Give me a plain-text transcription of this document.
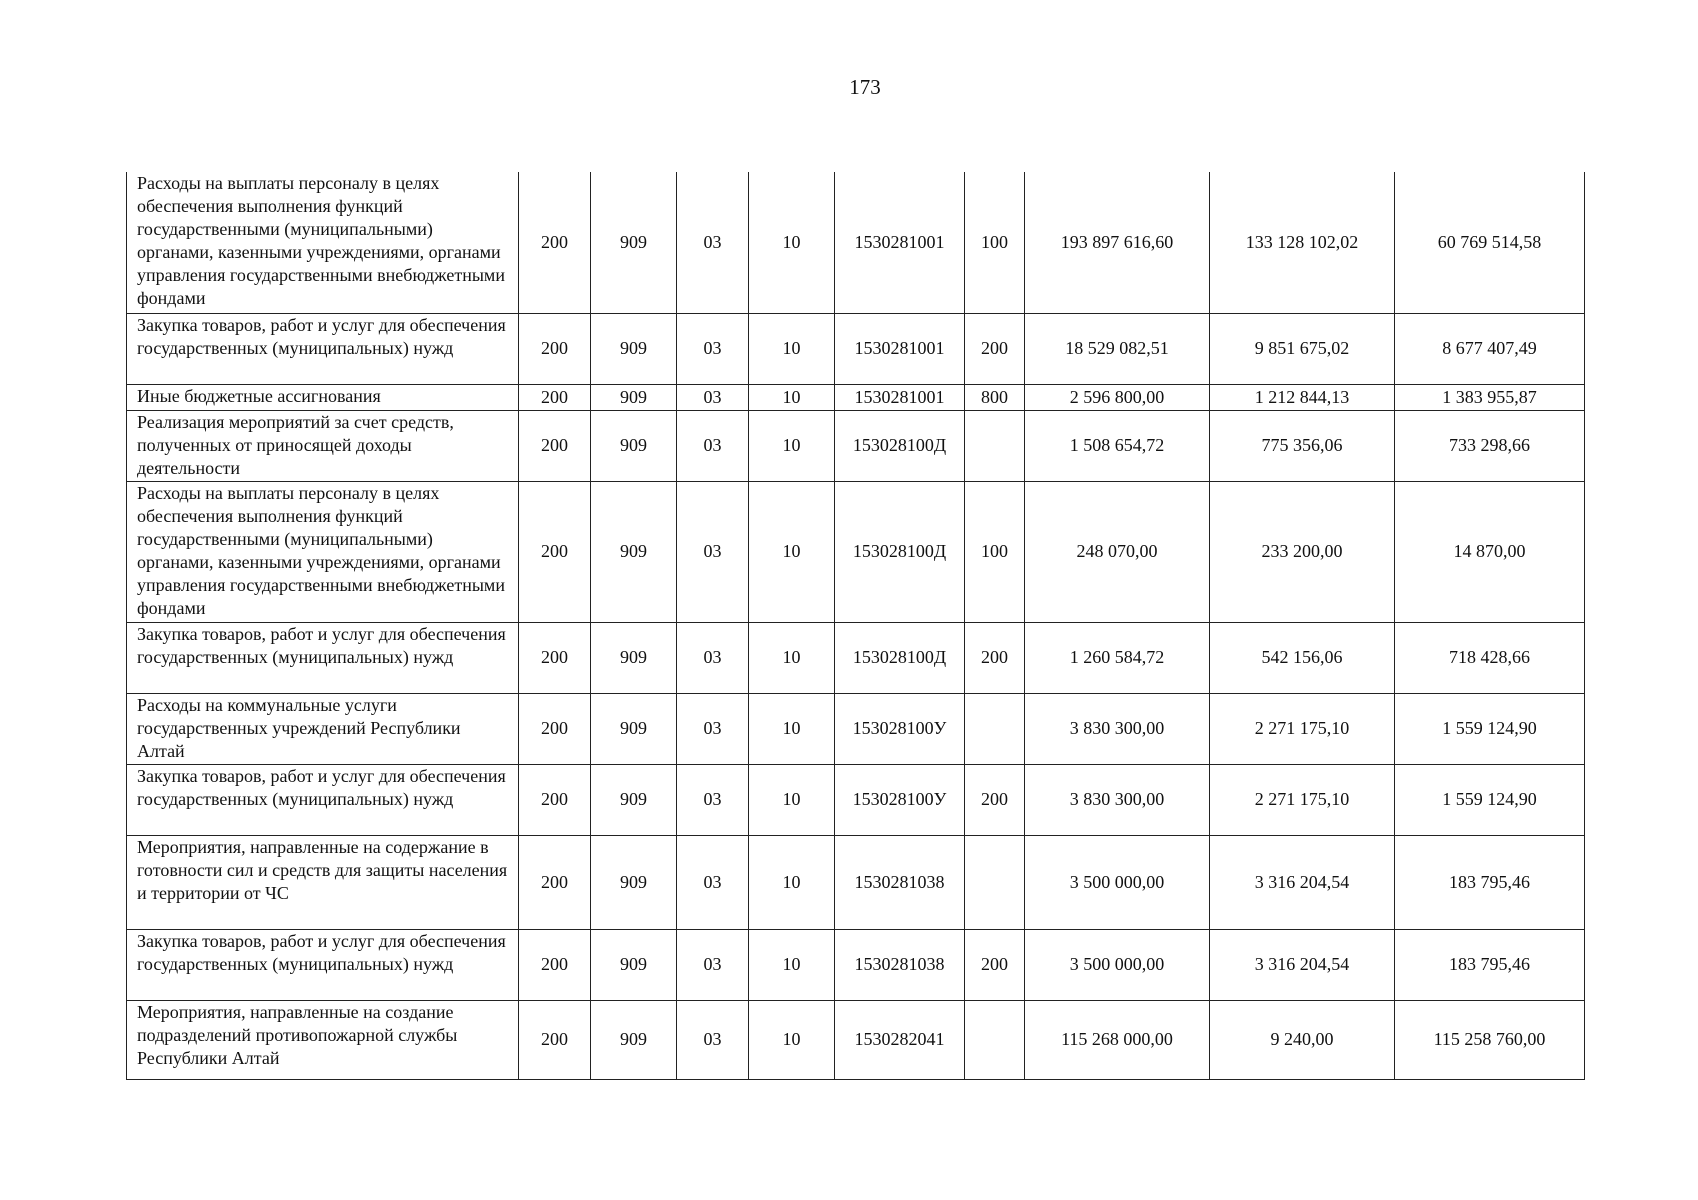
173
Расходы на выплаты персоналу в целях обеспечения выполнения функций государственными (муниципальными) органами, казенными учреждениями, органами управления государственными внебюджетными фондами	200	909	03	10	1530281001	100	193 897 616,60	133 128 102,02	60 769 514,58
Закупка товаров, работ и услуг для обеспечения государственных (муниципальных) нужд	200	909	03	10	1530281001	200	18 529 082,51	9 851 675,02	8 677 407,49
Иные бюджетные ассигнования	200	909	03	10	1530281001	800	2 596 800,00	1 212 844,13	1 383 955,87
Реализация мероприятий за счет средств, полученных от приносящей доходы деятельности	200	909	03	10	153028100Д		1 508 654,72	775 356,06	733 298,66
Расходы на выплаты персоналу в целях обеспечения выполнения функций государственными (муниципальными) органами, казенными учреждениями, органами управления государственными внебюджетными фондами	200	909	03	10	153028100Д	100	248 070,00	233 200,00	14 870,00
Закупка товаров, работ и услуг для обеспечения государственных (муниципальных) нужд	200	909	03	10	153028100Д	200	1 260 584,72	542 156,06	718 428,66
Расходы на коммунальные услуги государственных учреждений Республики Алтай	200	909	03	10	153028100У		3 830 300,00	2 271 175,10	1 559 124,90
Закупка товаров, работ и услуг для обеспечения государственных (муниципальных) нужд	200	909	03	10	153028100У	200	3 830 300,00	2 271 175,10	1 559 124,90
Мероприятия, направленные на содержание в готовности сил и средств для защиты населения и территории от ЧС	200	909	03	10	1530281038		3 500 000,00	3 316 204,54	183 795,46
Закупка товаров, работ и услуг для обеспечения государственных (муниципальных) нужд	200	909	03	10	1530281038	200	3 500 000,00	3 316 204,54	183 795,46
Мероприятия, направленные на создание подразделений противопожарной службы Республики Алтай	200	909	03	10	1530282041		115 268 000,00	9 240,00	115 258 760,00
